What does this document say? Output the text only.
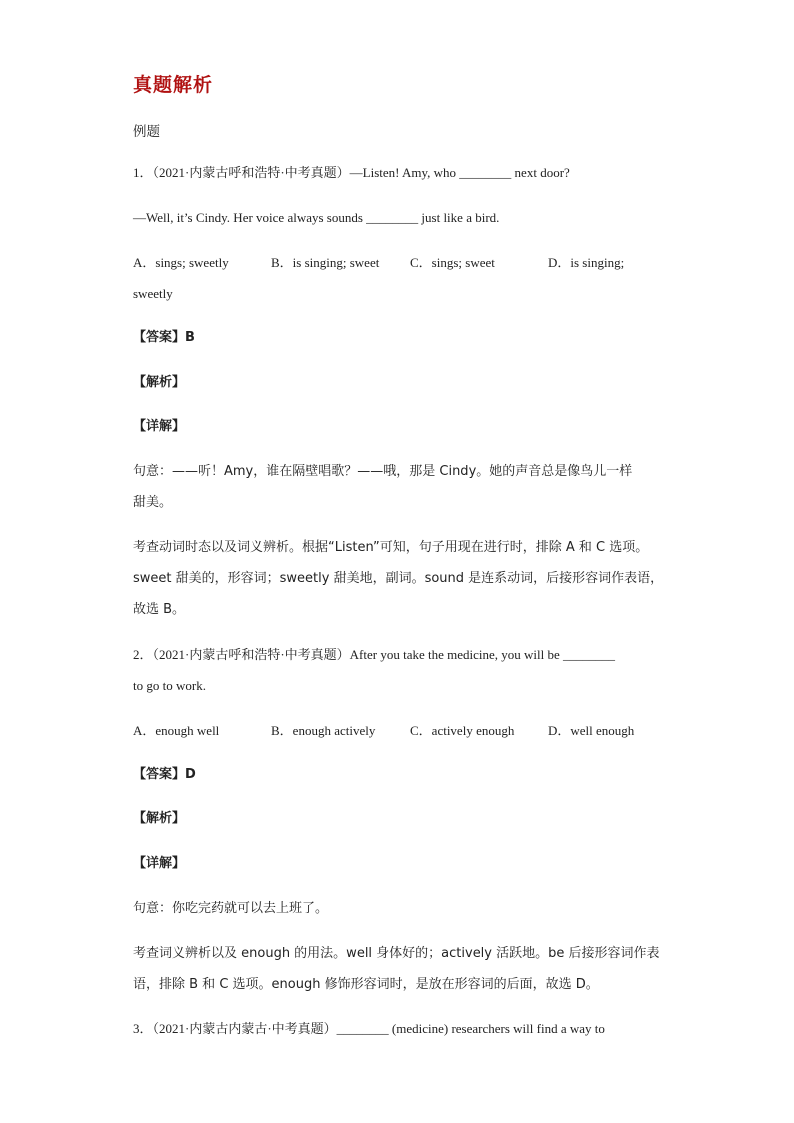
真题解析
例题
1．（2021·内蒙古呼和浩特·中考真题）—Listen! Amy, who ________ next door?
—Well, it’s Cindy. Her voice always sounds ________ just like a bird.
A．sings; sweetly	B．is singing; sweet C．sings; sweet	D．is singing;
sweetly
【答案】B
【解析】
【详解】
句意：——听！Amy，谁在隔壁唱歌？——哦，那是 Cindy。她的声音总是像鸟儿一样
甜美。
考查动词时态以及词义辨析。根据“Listen”可知，句子用现在进行时，排除 A 和 C 选项。
sweet 甜美的，形容词；sweetly 甜美地，副词。sound 是连系动词，后接形容词作表语，
故选 B。
2．（2021·内蒙古呼和浩特·中考真题）After you take the medicine, you will be ________
to go to work.
A．enough well	B．enough actively	C．actively enough	D．well enough
【答案】D
【解析】
【详解】
句意：你吃完药就可以去上班了。
考查词义辨析以及 enough 的用法。well 身体好的；actively 活跃地。be 后接形容词作表
语，排除 B 和 C 选项。enough 修饰形容词时，是放在形容词的后面，故选 D。
3．（2021·内蒙古内蒙古·中考真题）________ (medicine) researchers will find a way to
